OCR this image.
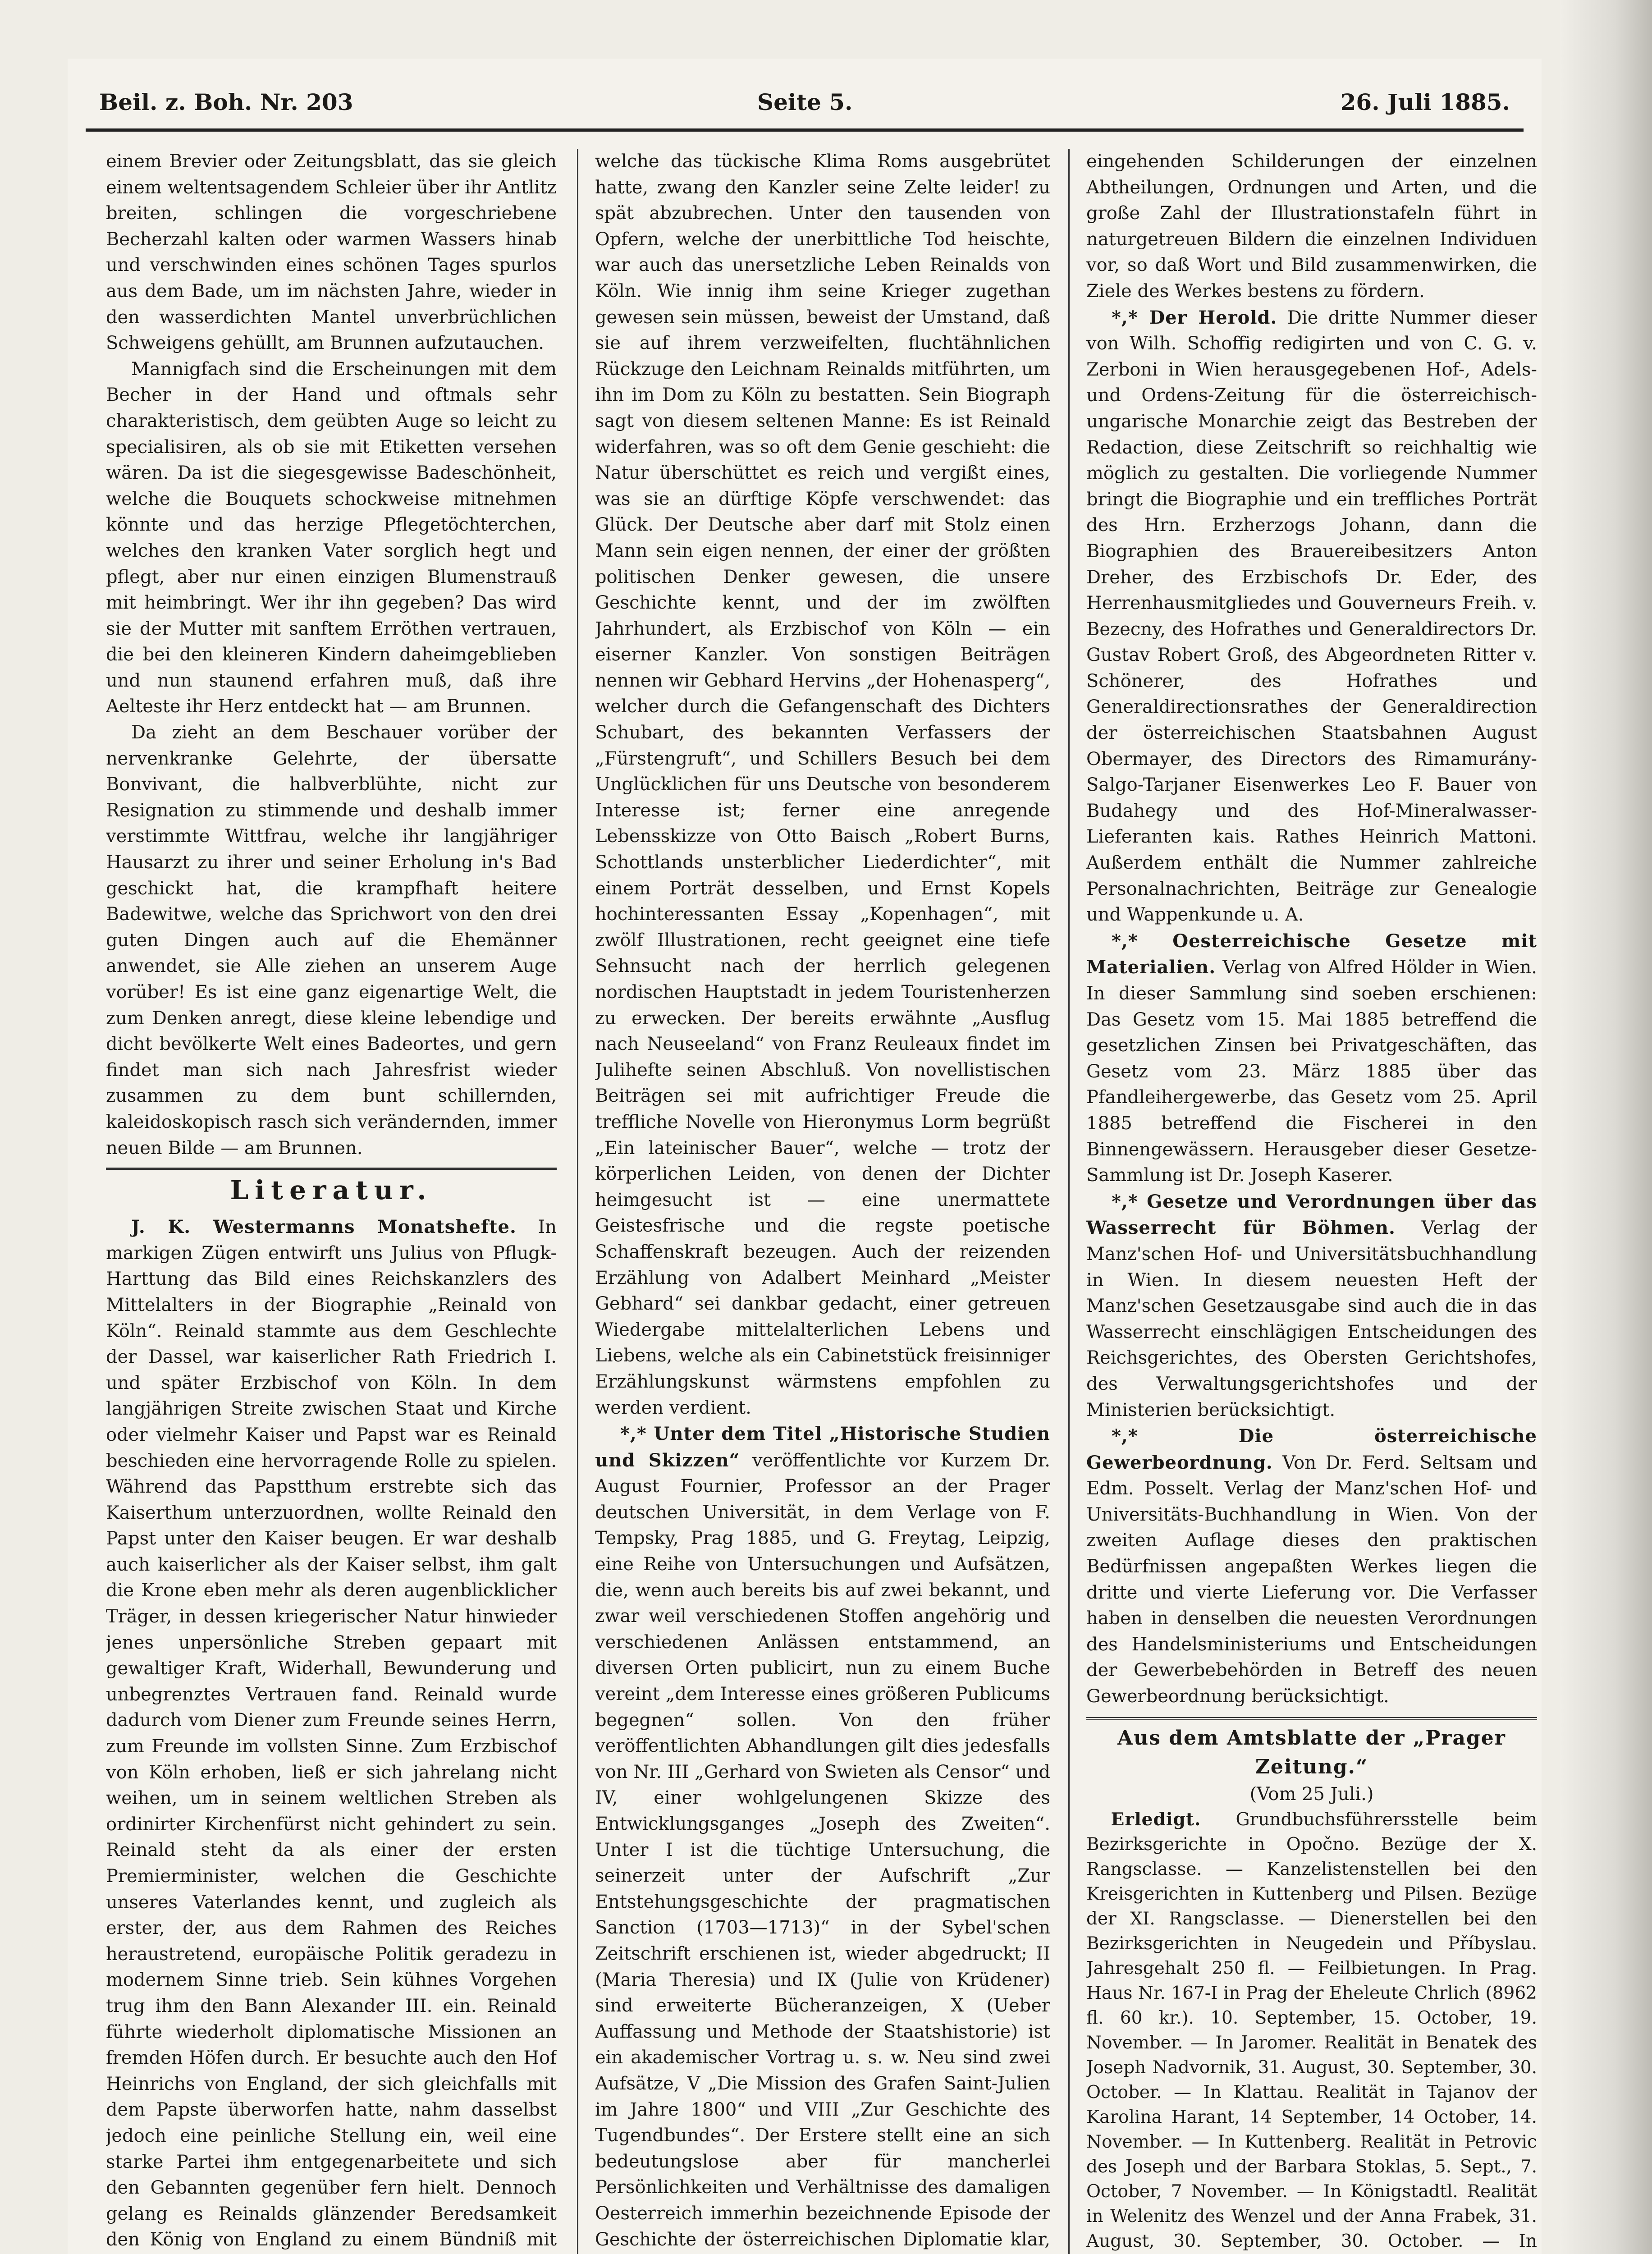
Beil. z. Boh. Nr. 203	Seite 5.	26. Juli 1885.

einem Brevier oder Zeitungsblatt, das sie gleich einem weltentsagendem Schleier über ihr Antlitz breiten, schlingen die vorgeschriebene Becherzahl kalten oder warmen Wassers hinab und verschwinden eines schönen Tages spurlos aus dem Bade, um im nächsten Jahre, wieder in den wasserdichten Mantel unverbrüchlichen Schweigens gehüllt, am Brunnen aufzutauchen.

Mannigfach sind die Erscheinungen mit dem Becher in der Hand und oftmals sehr charakteristisch, dem geübten Auge so leicht zu specialisiren, als ob sie mit Etiketten versehen wären. Da ist die siegesgewisse Badeschönheit, welche die Bouquets schockweise mitnehmen könnte und das herzige Pflegetöchterchen, welches den kranken Vater sorglich hegt und pflegt, aber nur einen einzigen Blumenstrauß mit heimbringt. Wer ihr ihn gegeben? Das wird sie der Mutter mit sanftem Erröthen vertrauen, die bei den kleineren Kindern daheimgeblieben und nun staunend erfahren muß, daß ihre Aelteste ihr Herz entdeckt hat — am Brunnen.

Da zieht an dem Beschauer vorüber der nervenkranke Gelehrte, der übersatte Bonvivant, die halbverblühte, nicht zur Resignation zu stimmende und deshalb immer verstimmte Wittfrau, welche ihr langjähriger Hausarzt zu ihrer und seiner Erholung in's Bad geschickt hat, die krampfhaft heitere Badewitwe, welche das Sprichwort von den drei guten Dingen auch auf die Ehemänner anwendet, sie Alle ziehen an unserem Auge vorüber! Es ist eine ganz eigenartige Welt, die zum Denken anregt, diese kleine lebendige und dicht bevölkerte Welt eines Badeortes, und gern findet man sich nach Jahresfrist wieder zusammen zu dem bunt schillernden, kaleidoskopisch rasch sich verändernden, immer neuen Bilde — am Brunnen.

Literatur.

J. K. Westermanns Monatshefte. In markigen Zügen entwirft uns Julius von Pflugk-Harttung das Bild eines Reichskanzlers des Mittelalters in der Biographie „Reinald von Köln“. Reinald stammte aus dem Geschlechte der Dassel, war kaiserlicher Rath Friedrich I. und später Erzbischof von Köln. In dem langjährigen Streite zwischen Staat und Kirche oder vielmehr Kaiser und Papst war es Reinald beschieden eine hervorragende Rolle zu spielen. Während das Papstthum erstrebte sich das Kaiserthum unterzuordnen, wollte Reinald den Papst unter den Kaiser beugen. Er war deshalb auch kaiserlicher als der Kaiser selbst, ihm galt die Krone eben mehr als deren augenblicklicher Träger, in dessen kriegerischer Natur hinwieder jenes unpersönliche Streben gepaart mit gewaltiger Kraft, Widerhall, Bewunderung und unbegrenztes Vertrauen fand. Reinald wurde dadurch vom Diener zum Freunde seines Herrn, zum Freunde im vollsten Sinne. Zum Erzbischof von Köln erhoben, ließ er sich jahrelang nicht weihen, um in seinem weltlichen Streben als ordinirter Kirchenfürst nicht gehindert zu sein. Reinald steht da als einer der ersten Premierminister, welchen die Geschichte unseres Vaterlandes kennt, und zugleich als erster, der, aus dem Rahmen des Reiches heraustretend, europäische Politik geradezu in modernem Sinne trieb. Sein kühnes Vorgehen trug ihm den Bann Alexander III. ein. Reinald führte wiederholt diplomatische Missionen an fremden Höfen durch. Er besuchte auch den Hof Heinrichs von England, der sich gleichfalls mit dem Papste überworfen hatte, nahm dasselbst jedoch eine peinliche Stellung ein, weil eine starke Partei ihm entgegenarbeitete und sich den Gebannten gegenüber fern hielt. Dennoch gelang es Reinalds glänzender Beredsamkeit den König von England zu einem Bündniß mit

welche das tückische Klima Roms ausgebrütet hatte, zwang den Kanzler seine Zelte leider! zu spät abzubrechen. Unter den tausenden von Opfern, welche der unerbittliche Tod heischte, war auch das unersetzliche Leben Reinalds von Köln. Wie innig ihm seine Krieger zugethan gewesen sein müssen, beweist der Umstand, daß sie auf ihrem verzweifelten, fluchtähnlichen Rückzuge den Leichnam Reinalds mitführten, um ihn im Dom zu Köln zu bestatten. Sein Biograph sagt von diesem seltenen Manne: Es ist Reinald widerfahren, was so oft dem Genie geschieht: die Natur überschüttet es reich und vergißt eines, was sie an dürftige Köpfe verschwendet: das Glück. Der Deutsche aber darf mit Stolz einen Mann sein eigen nennen, der einer der größten politischen Denker gewesen, die unsere Geschichte kennt, und der im zwölften Jahrhundert, als Erzbischof von Köln — ein eiserner Kanzler. Von sonstigen Beiträgen nennen wir Gebhard Hervins „der Hohenasperg“, welcher durch die Gefangenschaft des Dichters Schubart, des bekannten Verfassers der „Fürstengruft“, und Schillers Besuch bei dem Unglücklichen für uns Deutsche von besonderem Interesse ist; ferner eine anregende Lebensskizze von Otto Baisch „Robert Burns, Schottlands unsterblicher Liederdichter“, mit einem Porträt desselben, und Ernst Kopels hochinteressanten Essay „Kopenhagen“, mit zwölf Illustrationen, recht geeignet eine tiefe Sehnsucht nach der herrlich gelegenen nordischen Hauptstadt in jedem Touristenherzen zu erwecken. Der bereits erwähnte „Ausflug nach Neuseeland“ von Franz Reuleaux findet im Julihefte seinen Abschluß. Von novellistischen Beiträgen sei mit aufrichtiger Freude die treffliche Novelle von Hieronymus Lorm begrüßt „Ein lateinischer Bauer“, welche — trotz der körperlichen Leiden, von denen der Dichter heimgesucht ist — eine unermattete Geistesfrische und die regste poetische Schaffenskraft bezeugen. Auch der reizenden Erzählung von Adalbert Meinhard „Meister Gebhard“ sei dankbar gedacht, einer getreuen Wiedergabe mittelalterlichen Lebens und Liebens, welche als ein Cabinetstück freisinniger Erzählungskunst wärmstens empfohlen zu werden verdient.

*,* Unter dem Titel „Historische Studien und Skizzen“ veröffentlichte vor Kurzem Dr. August Fournier, Professor an der Prager deutschen Universität, in dem Verlage von F. Tempsky, Prag 1885, und G. Freytag, Leipzig, eine Reihe von Untersuchungen und Aufsätzen, die, wenn auch bereits bis auf zwei bekannt, und zwar weil verschiedenen Stoffen angehörig und verschiedenen Anlässen entstammend, an diversen Orten publicirt, nun zu einem Buche vereint „dem Interesse eines größeren Publicums begegnen“ sollen. Von den früher veröffentlichten Abhandlungen gilt dies jedesfalls von Nr. III „Gerhard von Swieten als Censor“ und IV, einer wohlgelungenen Skizze des Entwicklungsganges „Joseph des Zweiten“. Unter I ist die tüchtige Untersuchung, die seinerzeit unter der Aufschrift „Zur Entstehungsgeschichte der pragmatischen Sanction (1703—1713)“ in der Sybel'schen Zeitschrift erschienen ist, wieder abgedruckt; II (Maria Theresia) und IX (Julie von Krüdener) sind erweiterte Bücheranzeigen, X (Ueber Auffassung und Methode der Staatshistorie) ist ein akademischer Vortrag u. s. w. Neu sind zwei Aufsätze, V „Die Mission des Grafen Saint-Julien im Jahre 1800“ und VIII „Zur Geschichte des Tugendbundes“. Der Erstere stellt eine an sich bedeutungslose aber für mancherlei Persönlichkeiten und Verhältnisse des damaligen Oesterreich immerhin bezeichnende Episode der Geschichte der österreichischen Diplomatie klar,

eingehenden Schilderungen der einzelnen Abtheilungen, Ordnungen und Arten, und die große Zahl der Illustrationstafeln führt in naturgetreuen Bildern die einzelnen Individuen vor, so daß Wort und Bild zusammenwirken, die Ziele des Werkes bestens zu fördern.

*,* Der Herold. Die dritte Nummer dieser von Wilh. Schoffig redigirten und von C. G. v. Zerboni in Wien herausgegebenen Hof-, Adels- und Ordens-Zeitung für die österreichisch-ungarische Monarchie zeigt das Bestreben der Redaction, diese Zeitschrift so reichhaltig wie möglich zu gestalten. Die vorliegende Nummer bringt die Biographie und ein treffliches Porträt des Hrn. Erzherzogs Johann, dann die Biographien des Brauereibesitzers Anton Dreher, des Erzbischofs Dr. Eder, des Herrenhausmitgliedes und Gouverneurs Freih. v. Bezecny, des Hofrathes und Generaldirectors Dr. Gustav Robert Groß, des Abgeordneten Ritter v. Schönerer, des Hofrathes und Generaldirectionsrathes der Generaldirection der österreichischen Staatsbahnen August Obermayer, des Directors des Rimamurány-Salgo-Tarjaner Eisenwerkes Leo F. Bauer von Budahegy und des Hof-Mineralwasser-Lieferanten kais. Rathes Heinrich Mattoni. Außerdem enthält die Nummer zahlreiche Personalnachrichten, Beiträge zur Genealogie und Wappenkunde u. A.

*,* Oesterreichische Gesetze mit Materialien. Verlag von Alfred Hölder in Wien. In dieser Sammlung sind soeben erschienen: Das Gesetz vom 15. Mai 1885 betreffend die gesetzlichen Zinsen bei Privatgeschäften, das Gesetz vom 23. März 1885 über das Pfandleihergewerbe, das Gesetz vom 25. April 1885 betreffend die Fischerei in den Binnengewässern. Herausgeber dieser Gesetze-Sammlung ist Dr. Joseph Kaserer.

*,* Gesetze und Verordnungen über das Wasserrecht für Böhmen. Verlag der Manz'schen Hof- und Universitätsbuchhandlung in Wien. In diesem neuesten Heft der Manz'schen Gesetzausgabe sind auch die in das Wasserrecht einschlägigen Entscheidungen des Reichsgerichtes, des Obersten Gerichtshofes, des Verwaltungsgerichtshofes und der Ministerien berücksichtigt.

*,* Die österreichische Gewerbeordnung. Von Dr. Ferd. Seltsam und Edm. Posselt. Verlag der Manz'schen Hof- und Universitäts-Buchhandlung in Wien. Von der zweiten Auflage dieses den praktischen Bedürfnissen angepaßten Werkes liegen die dritte und vierte Lieferung vor. Die Verfasser haben in denselben die neuesten Verordnungen des Handelsministeriums und Entscheidungen der Gewerbebehörden in Betreff des neuen Gewerbeordnung berücksichtigt.

Aus dem Amtsblatte der „Prager Zeitung.“
(Vom 25 Juli.)

Erledigt. Grundbuchsführersstelle beim Bezirksgerichte in Opočno. Bezüge der X. Rangsclasse. — Kanzelistenstellen bei den Kreisgerichten in Kuttenberg und Pilsen. Bezüge der XI. Rangsclasse. — Dienerstellen bei den Bezirksgerichten in Neugedein und Příbyslau. Jahresgehalt 250 fl. — Feilbietungen. In Prag. Haus Nr. 167-I in Prag der Eheleute Chrlich (8962 fl. 60 kr.). 10. September, 15. October, 19. November. — In Jaromer. Realität in Benatek des Joseph Nadvornik, 31. August, 30. September, 30. October. — In Klattau. Realität in Tajanov der Karolina Harant, 14 September, 14 October, 14. November. — In Kuttenberg. Realität in Petrovic des Joseph und der Barbara Stoklas, 5. Sept., 7. October, 7 November. — In Königstadtl. Realität in Welenitz des Wenzel und der Anna Frabek, 31. August, 30. September, 30. October. — In
